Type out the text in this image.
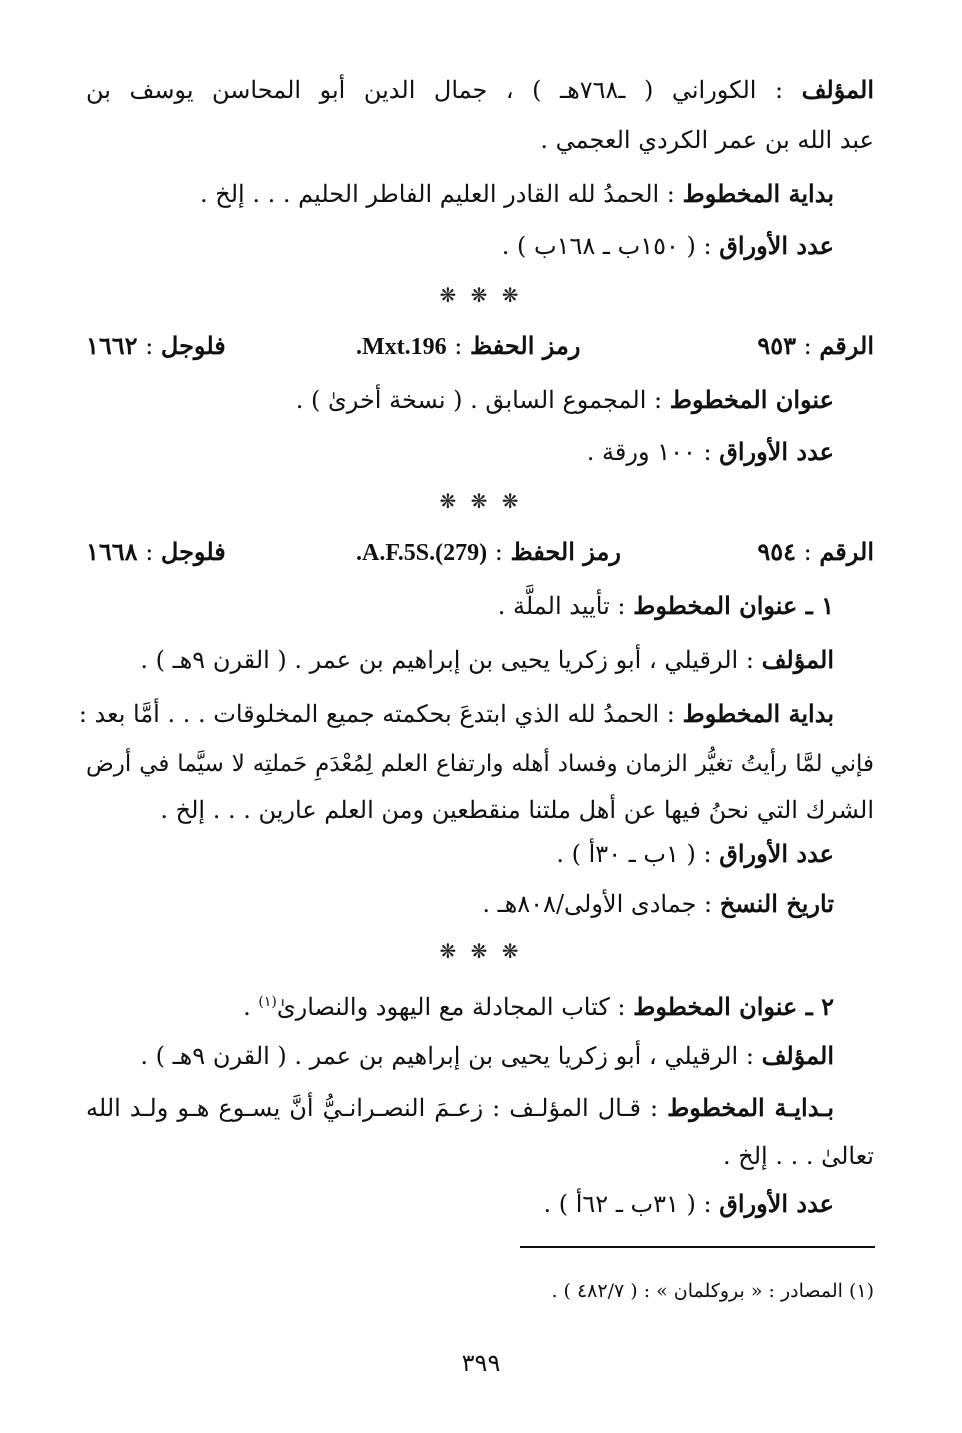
المؤلف : الكوراني ( ـ٧٦٨هـ ) ، جمال الدين أبو المحاسن يوسف بن
عبد الله بن عمر الكردي العجمي .
بداية المخطوط : الحمدُ لله القادر العليم الفاطر الحليم . . . إلخ .
عدد الأوراق : ( ١٥٠ب ـ ١٦٨ب ) .
❋ ❋ ❋
الرقم : ٩٥٣
رمز الحفظ : Mxt.196.
فلوجل : ١٦٦٢
عنوان المخطوط : المجموع السابق . ( نسخة أخرىٰ ) .
عدد الأوراق : ١٠٠ ورقة .
❋ ❋ ❋
الرقم : ٩٥٤
رمز الحفظ : A.F.5S.(279).
فلوجل : ١٦٦٨
١ ـ عنوان المخطوط : تأييد الملَّة .
المؤلف : الرقيلي ، أبو زكريا يحيى بن إبراهيم بن عمر . ( القرن ٩هـ ) .
بداية المخطوط : الحمدُ لله الذي ابتدعَ بحكمته جميع المخلوقات . . . أمَّا بعد :
فإني لمَّا رأيتُ تغيُّر الزمان وفساد أهله وارتفاع العلم لِمُعْدَمِ حَملتِه لا سيَّما في أرض
الشرك التي نحنُ فيها عن أهل ملتنا منقطعين ومن العلم عارين . . . إلخ .
عدد الأوراق : ( ١ب ـ ٣٠أ ) .
تاريخ النسخ : جمادى الأولى/٨٠٨هـ .
❋ ❋ ❋
٢ ـ عنوان المخطوط : كتاب المجادلة مع اليهود والنصارىٰ$^{(١)}$ .
المؤلف : الرقيلي ، أبو زكريا يحيى بن إبراهيم بن عمر . ( القرن ٩هـ ) .
بـدايـة المخطوط : قـال المؤلـف : زعـمَ النصـرانـيُّ أنَّ يسـوع هـو ولـد الله
تعالىٰ . . . إلخ .
عدد الأوراق : ( ٣١ب ـ ٦٢أ ) .
(١) المصادر : « بروكلمان » : ( ٤٨٢/٧ ) .
٣٩٩
